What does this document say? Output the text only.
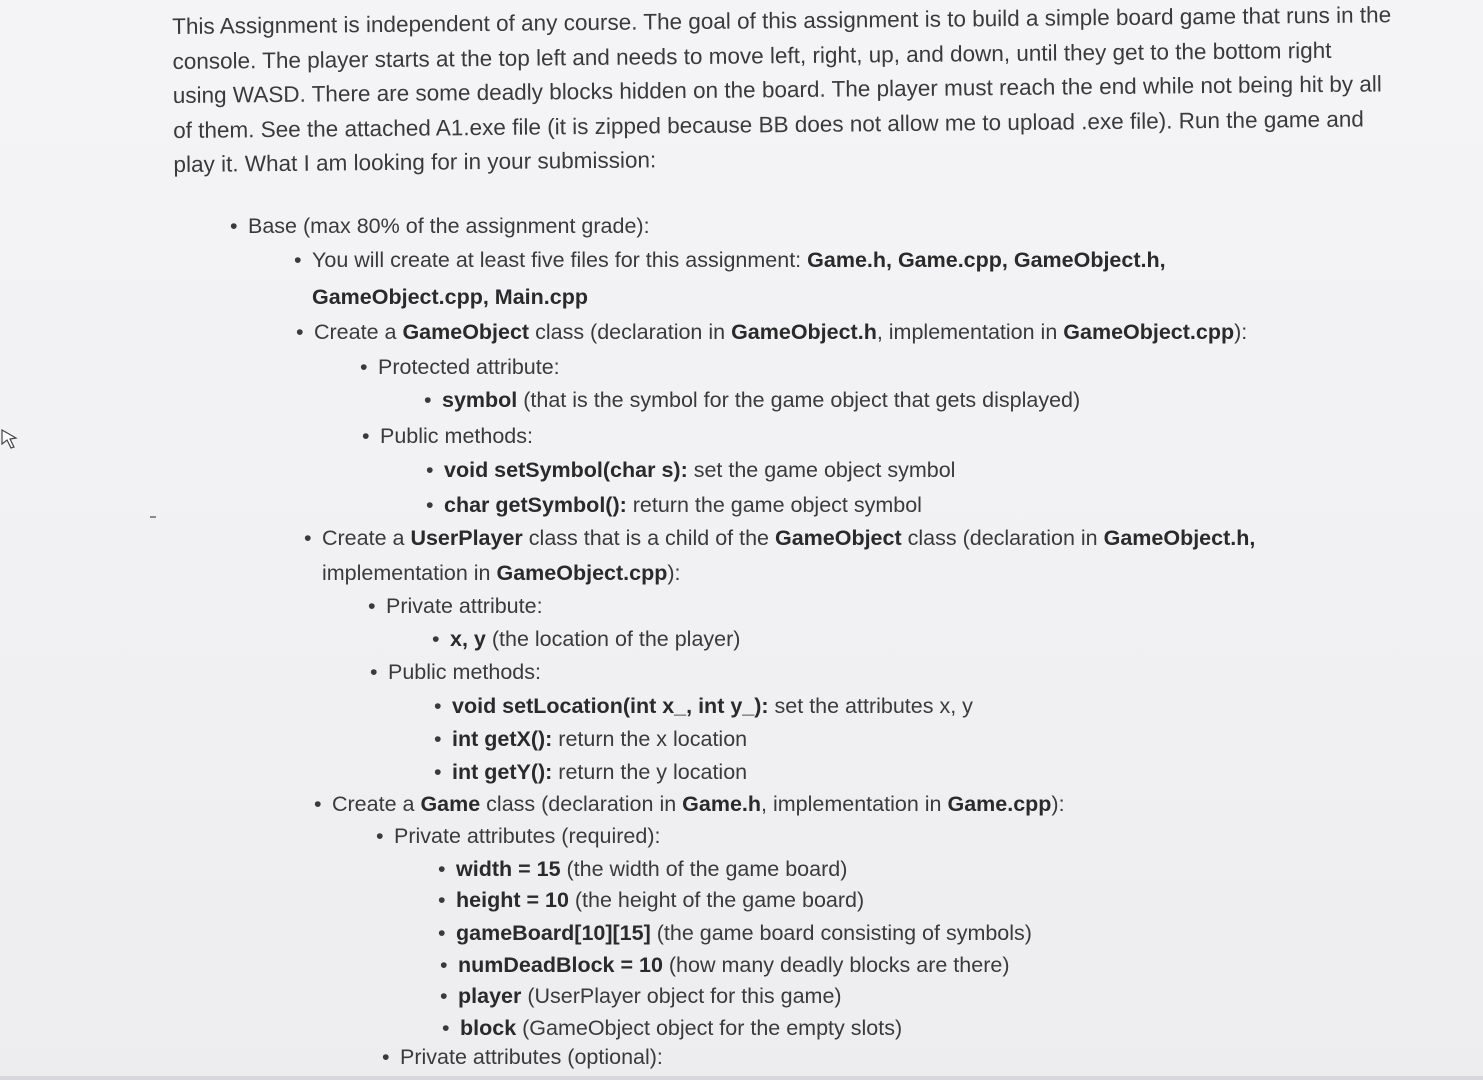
This Assignment is independent of any course. The goal of this assignment is to build a simple board game that runs in the

console. The player starts at the top left and needs to move left, right, up, and down, until they get to the bottom right

using WASD. There are some deadly blocks hidden on the board. The player must reach the end while not being hit by all

of them. See the attached A1.exe file (it is zipped because BB does not allow me to upload .exe file). Run the game and

play it. What I am looking for in your submission:

• Base (max 80% of the assignment grade):
• You will create at least five files for this assignment: Game.h, Game.cpp, GameObject.h,
GameObject.cpp, Main.cpp
• Create a GameObject class (declaration in GameObject.h, implementation in GameObject.cpp):
• Protected attribute:
• symbol (that is the symbol for the game object that gets displayed)
• Public methods:
• void setSymbol(char s): set the game object symbol
• char getSymbol(): return the game object symbol
• Create a UserPlayer class that is a child of the GameObject class (declaration in GameObject.h,
implementation in GameObject.cpp):
• Private attribute:
• x, y (the location of the player)
• Public methods:
• void setLocation(int x_, int y_): set the attributes x, y
• int getX(): return the x location
• int getY(): return the y location
• Create a Game class (declaration in Game.h, implementation in Game.cpp):
• Private attributes (required):
• width = 15 (the width of the game board)
• height = 10 (the height of the game board)
• gameBoard[10][15] (the game board consisting of symbols)
• numDeadBlock = 10 (how many deadly blocks are there)
• player (UserPlayer object for this game)
• block (GameObject object for the empty slots)
• Private attributes (optional):
